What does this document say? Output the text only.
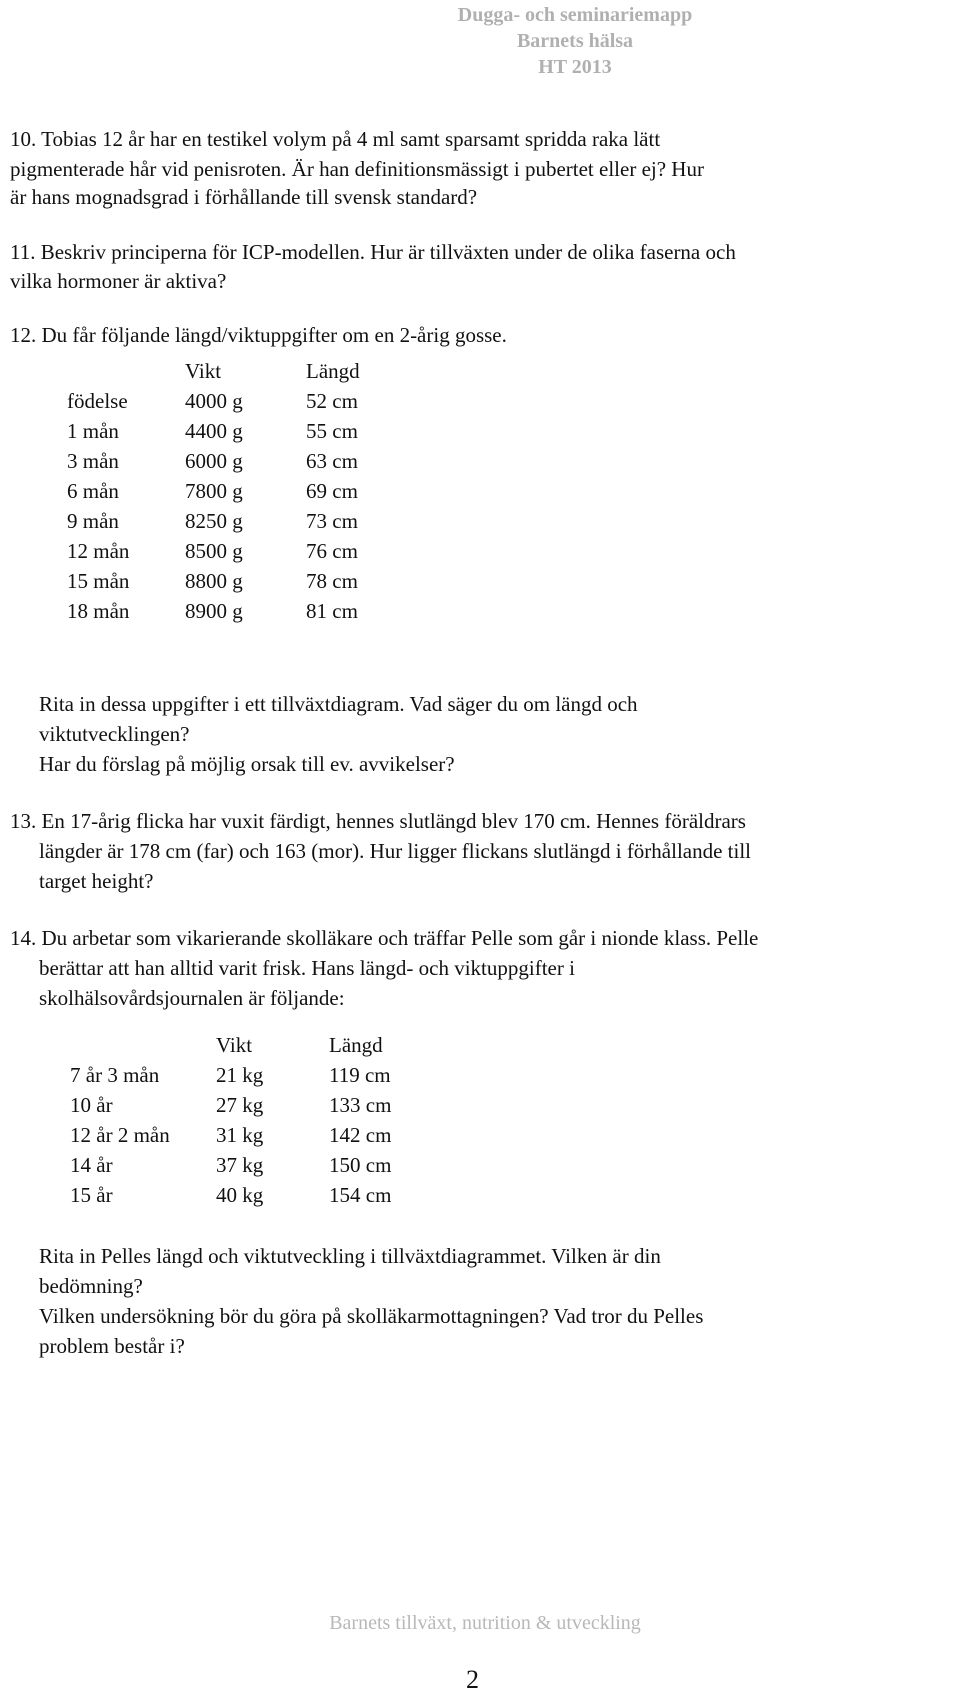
Dugga- och seminariemapp
Barnets hälsa
HT 2013
10. Tobias 12 år har en testikel volym på 4 ml samt sparsamt spridda raka lätt
pigmenterade hår vid penisroten. Är han definitionsmässigt i pubertet eller ej? Hur
är hans mognadsgrad i förhållande till svensk standard?
11. Beskriv principerna för ICP-modellen. Hur är tillväxten under de olika faserna och
vilka hormoner är aktiva?
12. Du får följande längd/viktuppgifter om en 2-årig gosse.
	Vikt	Längd
födelse	4000 g	52 cm
1 mån	4400 g	55 cm
3 mån	6000 g	63 cm
6 mån	7800 g	69 cm
9 mån	8250 g	73 cm
12 mån	8500 g	76 cm
15 mån	8800 g	78 cm
18 mån	8900 g	81 cm
Rita in dessa uppgifter i ett tillväxtdiagram. Vad säger du om längd och
viktutvecklingen?
Har du förslag på möjlig orsak till ev. avvikelser?
13. En 17-årig flicka har vuxit färdigt, hennes slutlängd blev 170 cm. Hennes föräldrars
längder är 178 cm (far) och 163 (mor). Hur ligger flickans slutlängd i förhållande till
target height?
14. Du arbetar som vikarierande skolläkare och träffar Pelle som går i nionde klass. Pelle
berättar att han alltid varit frisk. Hans längd- och viktuppgifter i
skolhälsovårdsjournalen är följande:
	Vikt	Längd
7 år 3 mån	21 kg	119 cm
10 år	27 kg	133 cm
12 år 2 mån	31 kg	142 cm
14 år	37 kg	150 cm
15 år	40 kg	154 cm
Rita in Pelles längd och viktutveckling i tillväxtdiagrammet. Vilken är din
bedömning?
Vilken undersökning bör du göra på skolläkarmottagningen? Vad tror du Pelles
problem består i?
Barnets tillväxt, nutrition & utveckling
2
